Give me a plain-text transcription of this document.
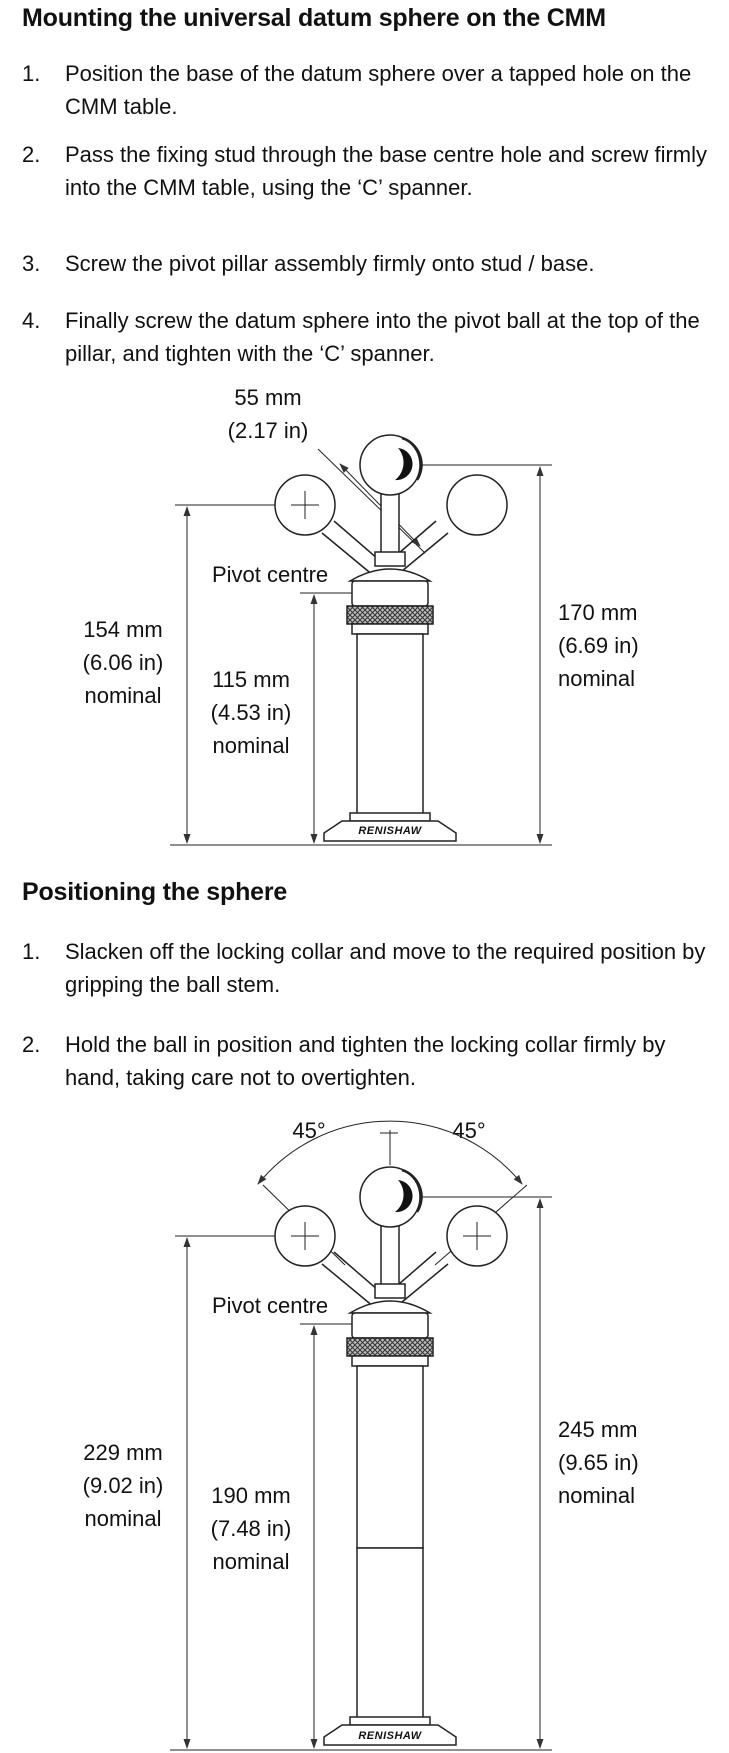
Mounting the universal datum sphere on the CMM
1. Position the base of the datum sphere over a tapped hole on the CMM table.
2. Pass the fixing stud through the base centre hole and screw firmly into the CMM table, using the ‘C’ spanner.
3. Screw the pivot pillar assembly firmly onto stud / base.
4. Finally screw the datum sphere into the pivot ball at the top of the pillar, and tighten with the ‘C’ spanner.
55 mm
(2.17 in)
Pivot centre
154 mm
(6.06 in)
nominal
115 mm
(4.53 in)
nominal
170 mm
(6.69 in)
nominal
RENISHAW
Positioning the sphere
1. Slacken off the locking collar and move to the required position by gripping the ball stem.
2. Hold the ball in position and tighten the locking collar firmly by hand, taking care not to overtighten.
45°	45°
Pivot centre
229 mm
(9.02 in)
nominal
190 mm
(7.48 in)
nominal
245 mm
(9.65 in)
nominal
RENISHAW
